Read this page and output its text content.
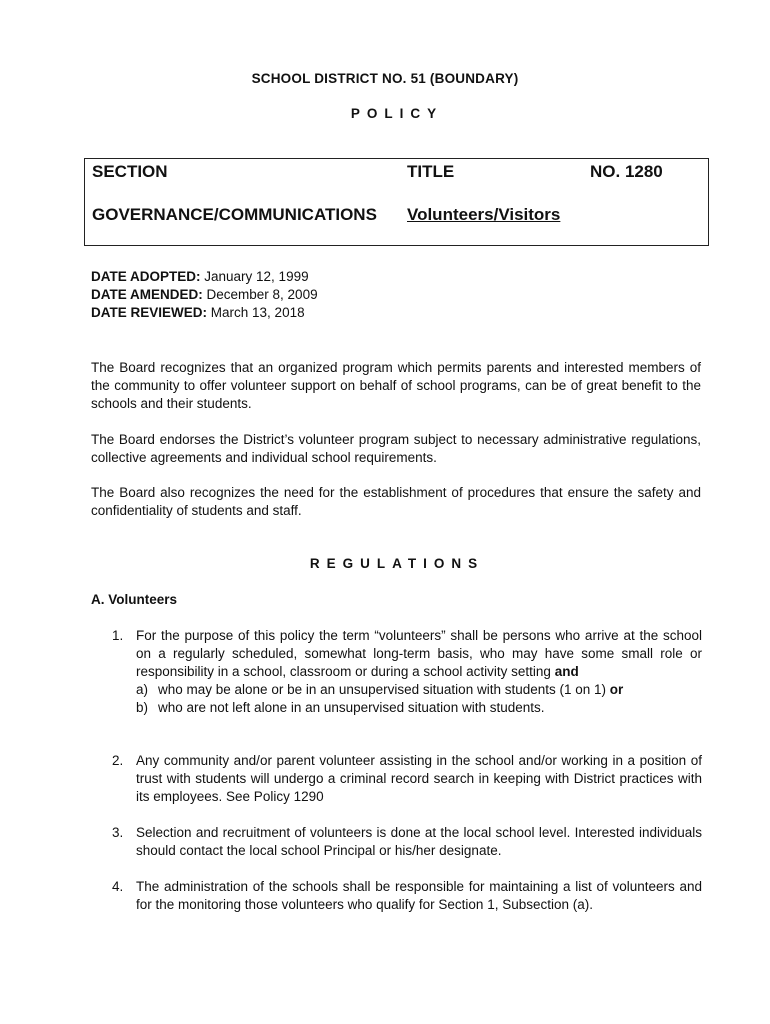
SCHOOL DISTRICT NO. 51 (BOUNDARY)
POLICY
SECTION	TITLE	NO. 1280
GOVERNANCE/COMMUNICATIONS Volunteers/Visitors
DATE ADOPTED: January 12, 1999
DATE AMENDED: December 8, 2009
DATE REVIEWED: March 13, 2018

The Board recognizes that an organized program which permits parents and interested members of the community to offer volunteer support on behalf of school programs, can be of great benefit to the schools and their students.

The Board endorses the District’s volunteer program subject to necessary administrative regulations, collective agreements and individual school requirements.

The Board also recognizes the need for the establishment of procedures that ensure the safety and confidentiality of students and staff.

REGULATIONS
A. Volunteers
1. For the purpose of this policy the term “volunteers” shall be persons who arrive at the school on a regularly scheduled, somewhat long-term basis, who may have some small role or responsibility in a school, classroom or during a school activity setting and
a) who may be alone or be in an unsupervised situation with students (1 on 1) or
b) who are not left alone in an unsupervised situation with students.
2. Any community and/or parent volunteer assisting in the school and/or working in a position of trust with students will undergo a criminal record search in keeping with District practices with its employees. See Policy 1290
3. Selection and recruitment of volunteers is done at the local school level. Interested individuals should contact the local school Principal or his/her designate.
4. The administration of the schools shall be responsible for maintaining a list of volunteers and for the monitoring those volunteers who qualify for Section 1, Subsection (a).
